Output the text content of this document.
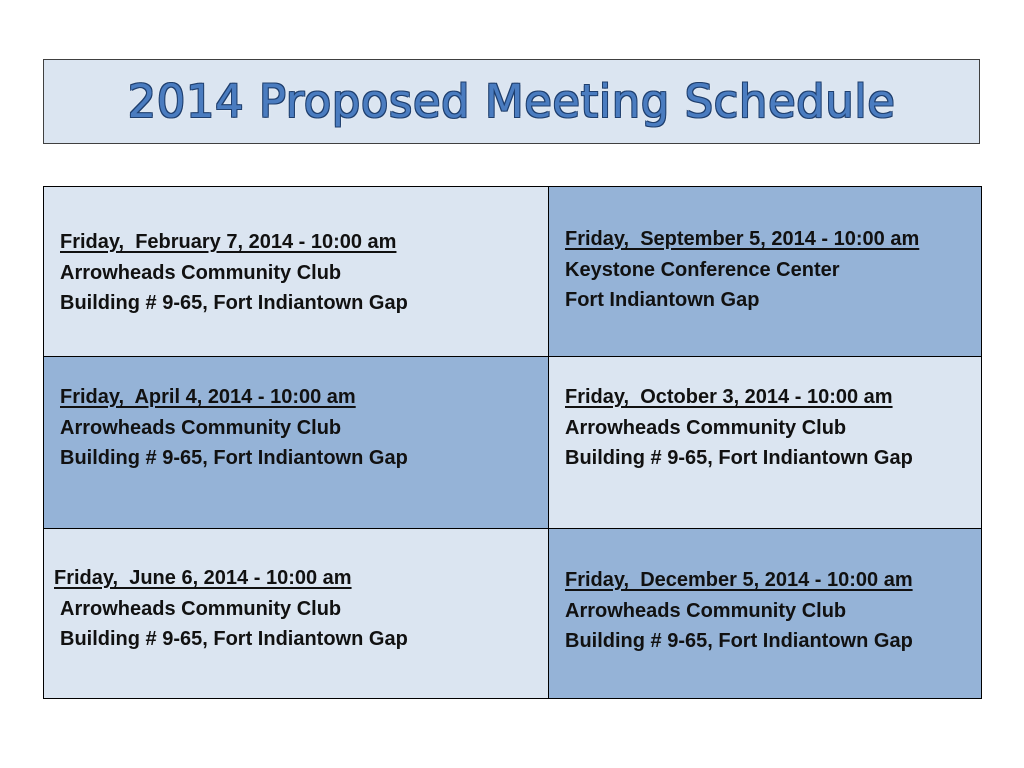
2014 Proposed Meeting Schedule
Friday,  February 7, 2014 - 10:00 am
Arrowheads Community Club
Building # 9-65, Fort Indiantown Gap
Friday,  September 5, 2014 - 10:00 am
Keystone Conference Center
Fort Indiantown Gap
Friday,  April 4, 2014 - 10:00 am
Arrowheads Community Club
Building # 9-65, Fort Indiantown Gap
Friday,  October 3, 2014 - 10:00 am
Arrowheads Community Club
Building # 9-65, Fort Indiantown Gap
Friday,  June 6, 2014 - 10:00 am
Arrowheads Community Club
Building # 9-65, Fort Indiantown Gap
Friday,  December 5, 2014 - 10:00 am
Arrowheads Community Club
Building # 9-65, Fort Indiantown Gap
